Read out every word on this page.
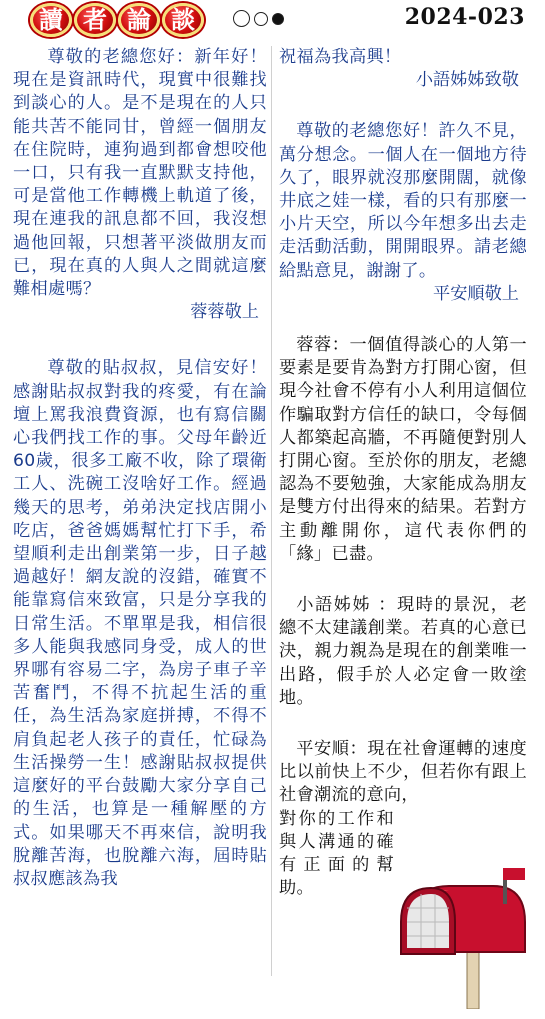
讀 者 論 談	2024-023

尊敬的老總您好：新年好！現在是資訊時代，現實中很難找到談心的人。是不是現在的人只能共苦不能同甘，曾經一個朋友在住院時，連狗過到都會想咬他一口，只有我一直默默支持他，可是當他工作轉機上軌道了後，現在連我的訊息都不回，我沒想過他回報，只想著平淡做朋友而已，現在真的人與人之間就這麼難相處嗎？

蓉蓉敬上

尊敬的貼叔叔，見信安好！感謝貼叔叔對我的疼愛，有在論壇上罵我浪費資源，也有寫信關心我們找工作的事。父母年齡近60歲，很多工廠不收，除了環衛工人、洗碗工沒啥好工作。經過幾天的思考，弟弟決定找店開小吃店，爸爸媽媽幫忙打下手，希望順利走出創業第一步，日子越過越好！網友說的沒錯，確實不能靠寫信來致富，只是分享我的日常生活。不單單是我，相信很多人能與我感同身受，成人的世界哪有容易二字，為房子車子辛苦奮鬥，不得不抗起生活的重任，為生活為家庭拼搏，不得不肩負起老人孩子的責任，忙碌為生活操勞一生！感謝貼叔叔提供這麼好的平台鼓勵大家分享自己的生活，也算是一種解壓的方式。如果哪天不再來信，說明我脫離苦海，也脫離六海，屆時貼叔叔應該為我

祝福為我高興！

小語姊姊致敬

尊敬的老總您好！許久不見，萬分想念。一個人在一個地方待久了，眼界就沒那麼開闊，就像井底之娃一樣，看的只有那麼一小片天空，所以今年想多出去走走活動活動，開開眼界。請老總給點意見，謝謝了。

平安順敬上

蓉蓉：一個值得談心的人第一要素是要肯為對方打開心窗，但現今社會不停有小人利用這個位作騙取對方信任的缺口，令每個人都築起高牆，不再隨便對別人打開心窗。至於你的朋友，老總認為不要勉強，大家能成為朋友是雙方付出得來的結果。若對方主動離開你，這代表你們的「緣」已盡。

小語姊姊 ：現時的景況，老總不太建議創業。若真的心意已決，親力親為是現在的創業唯一出路，假手於人必定會一敗塗地。

平安順：現在社會運轉的速度比以前快上不少，但若你有跟上社會潮流的意向，

對你的工作和與人溝通的確有正面的幫助。
